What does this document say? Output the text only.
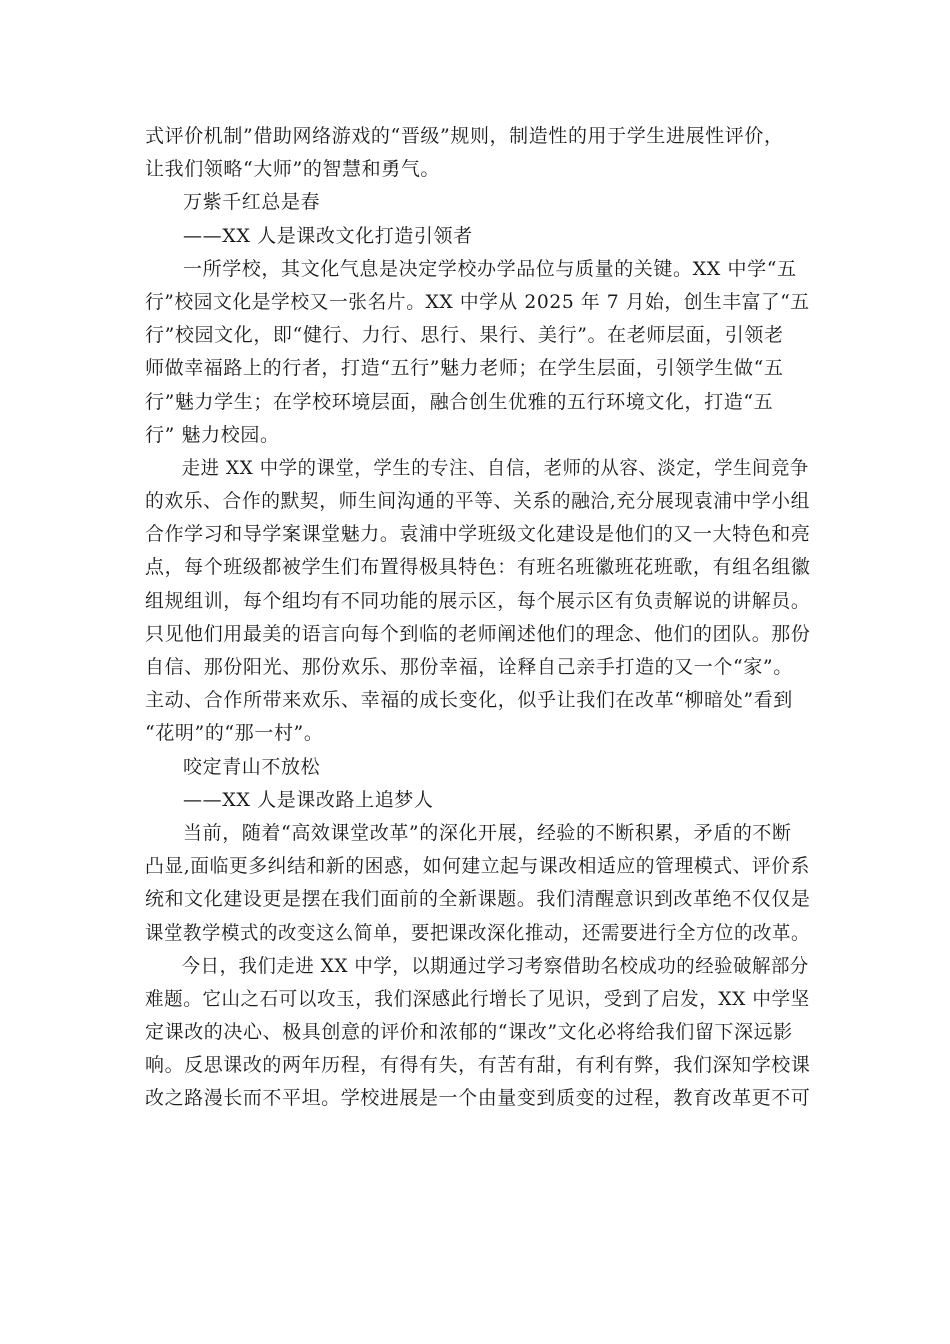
式评价机制”借助网络游戏的“晋级”规则，制造性的用于学生进展性评价，
让我们领略“大师”的智慧和勇气。
万紫千红总是春
——XX 人是课改文化打造引领者
一所学校，其文化气息是决定学校办学品位与质量的关键。XX 中学“五
行”校园文化是学校又一张名片。XX 中学从 2025 年 7 月始，创生丰富了“五
行”校园文化，即“健行、力行、思行、果行、美行”。在老师层面，引领老
师做幸福路上的行者，打造“五行”魅力老师；在学生层面，引领学生做“五
行”魅力学生；在学校环境层面，融合创生优雅的五行环境文化，打造“五
行” 魅力校园。
走进 XX 中学的课堂，学生的专注、自信，老师的从容、淡定，学生间竞争
的欢乐、合作的默契，师生间沟通的平等、关系的融洽,充分展现袁浦中学小组
合作学习和导学案课堂魅力。袁浦中学班级文化建设是他们的又一大特色和亮
点，每个班级都被学生们布置得极具特色：有班名班徽班花班歌，有组名组徽
组规组训，每个组均有不同功能的展示区，每个展示区有负责解说的讲解员。
只见他们用最美的语言向每个到临的老师阐述他们的理念、他们的团队。那份
自信、那份阳光、那份欢乐、那份幸福，诠释自己亲手打造的又一个“家”。
主动、合作所带来欢乐、幸福的成长变化，似乎让我们在改革“柳暗处”看到
“花明”的“那一村”。
咬定青山不放松
——XX 人是课改路上追梦人
当前，随着“高效课堂改革”的深化开展，经验的不断积累，矛盾的不断
凸显,面临更多纠结和新的困惑，如何建立起与课改相适应的管理模式、评价系
统和文化建设更是摆在我们面前的全新课题。我们清醒意识到改革绝不仅仅是
课堂教学模式的改变这么简单，要把课改深化推动，还需要进行全方位的改革。
今日，我们走进 XX 中学，以期通过学习考察借助名校成功的经验破解部分
难题。它山之石可以攻玉，我们深感此行增长了见识，受到了启发，XX 中学坚
定课改的决心、极具创意的评价和浓郁的“课改”文化必将给我们留下深远影
响。反思课改的两年历程，有得有失，有苦有甜，有利有弊，我们深知学校课
改之路漫长而不平坦。学校进展是一个由量变到质变的过程，教育改革更不可
